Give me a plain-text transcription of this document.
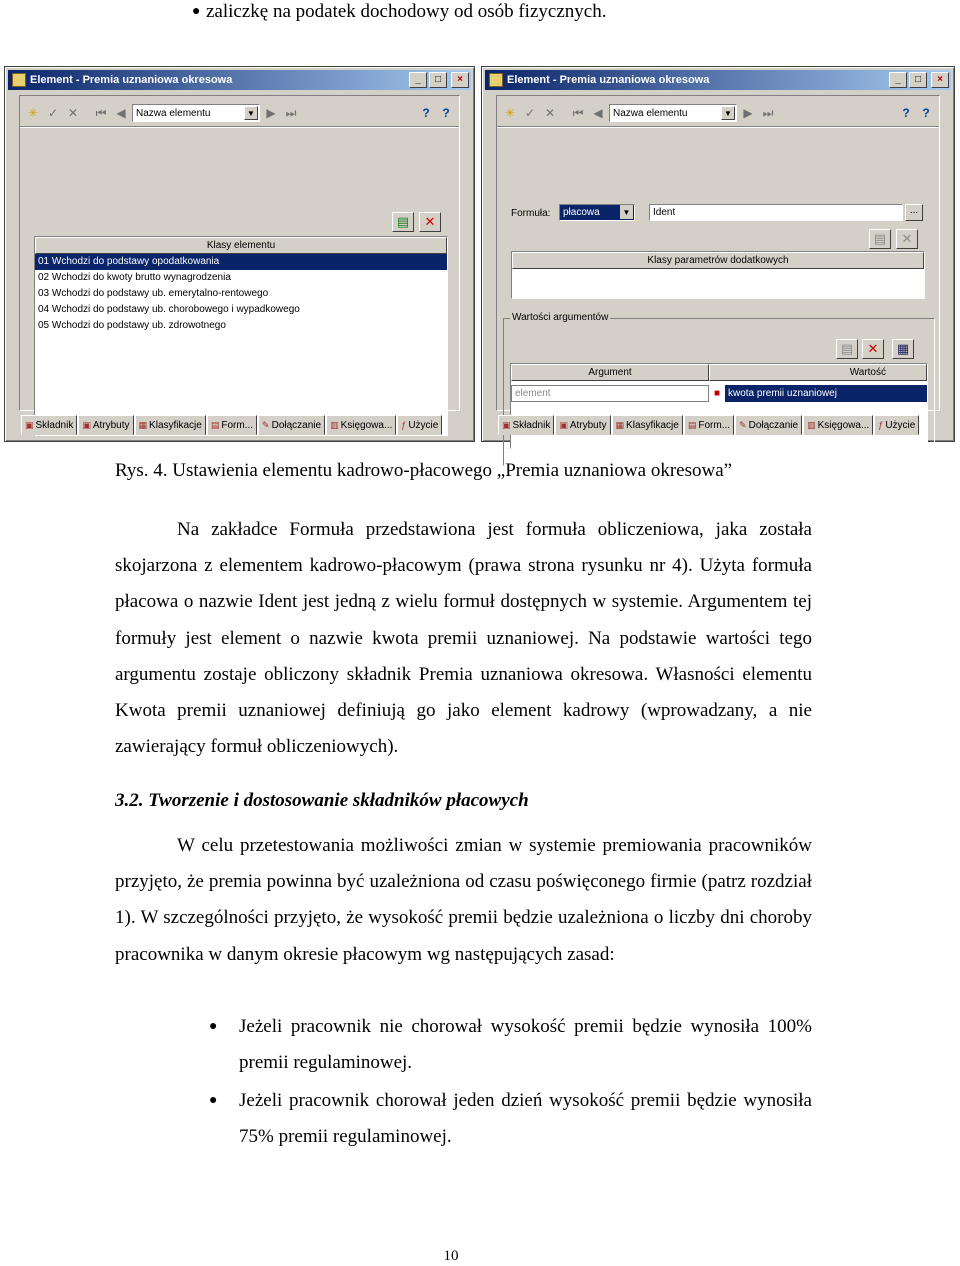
● zaliczkę na podatek dochodowy od osób fizycznych.
Element - Premia uznaniowa okresowa	_	□	×
✳ ✓ ✕	⏮ ◀	Nazwa elementu	▼ ▶ ⏭	?	?
▤	✕
Klasy elementu
01 Wchodzi do podstawy opodatkowania
02 Wchodzi do kwoty brutto wynagrodzenia
03 Wchodzi do podstawy ub. emerytalno-rentowego
04 Wchodzi do podstawy ub. chorobowego i wypadkowego
05 Wchodzi do podstawy ub. zdrowotnego
▣ Składnik ▣ Atrybuty ▦ Klasyfikacje ▤ Form... ✎ Dołączanie ▥ Księgowa... ƒ Użycie
Element - Premia uznaniowa okresowa	_	□	×
✳ ✓ ✕	⏮ ◀	Nazwa elementu	▼ ▶ ⏭	?	?
Formuła:	płacowa	▼	Ident	...
▤	✕
Klasy parametrów dodatkowych
Wartości argumentów
▤	✕	▦
Argument	Wartość
element	■ kwota premii uznaniowej
▣ Składnik ▣ Atrybuty ▦ Klasyfikacje ▤ Form... ✎ Dołączanie ▥ Księgowa... ƒ Użycie
Rys. 4. Ustawienia elementu kadrowo-płacowego „Premia uznaniowa okresowa”
Na zakładce Formuła przedstawiona jest formuła obliczeniowa, jaka została skojarzona z elementem kadrowo-płacowym (prawa strona rysunku nr 4). Użyta formuła płacowa o nazwie Ident jest jedną z wielu formuł dostępnych w systemie. Argumentem tej formuły jest element o nazwie kwota premii uznaniowej. Na podstawie wartości tego argumentu zostaje obliczony składnik Premia uznaniowa okresowa. Własności elementu Kwota premii uznaniowej definiują go jako element kadrowy (wprowadzany, a nie zawierający formuł obliczeniowych).
3.2. Tworzenie i dostosowanie składników płacowych
W celu przetestowania możliwości zmian w systemie premiowania pracowników przyjęto, że premia powinna być uzależniona od czasu poświęconego firmie (patrz rozdział 1). W szczególności przyjęto, że wysokość premii będzie uzależniona o liczby dni choroby pracownika w danym okresie płacowym wg następujących zasad:
● Jeżeli pracownik nie chorował wysokość premii będzie wynosiła 100% premii regulaminowej.
● Jeżeli pracownik chorował jeden dzień wysokość premii będzie wynosiła 75% premii regulaminowej.
10
